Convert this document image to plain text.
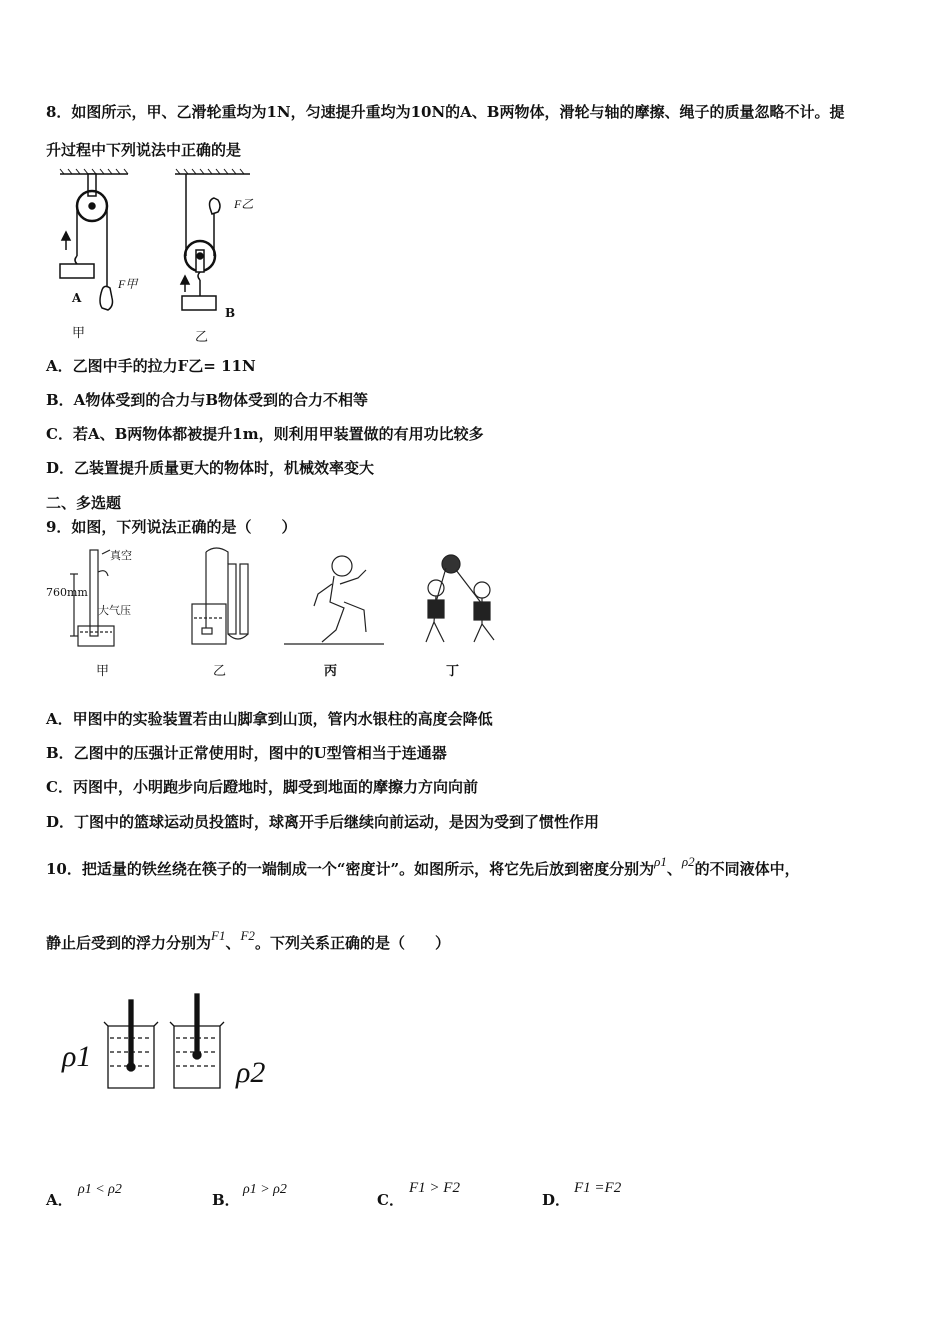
8．如图所示，甲、乙滑轮重均为1N，匀速提升重均为10N的A、B两物体，滑轮与轴的摩擦、绳子的质量忽略不计。提
升过程中下列说法中正确的是
F甲
F乙
A
B
甲	乙
A．乙图中手的拉力F乙= 11N
B．A物体受到的合力与B物体受到的合力不相等
C．若A、B两物体都被提升1m，则利用甲装置做的有用功比较多
D．乙装置提升质量更大的物体时，机械效率变大
二、多选题
9．如图，下列说法正确的是（　　）
真空
760mm
大气压
甲	乙	丙	丁
A．甲图中的实验装置若由山脚拿到山顶，管内水银柱的高度会降低
B．乙图中的压强计正常使用时，图中的U型管相当于连通器
C．丙图中，小明跑步向后蹬地时，脚受到地面的摩擦力方向向前
D．丁图中的篮球运动员投篮时，球离开手后继续向前运动，是因为受到了惯性作用
10．把适量的铁丝绕在筷子的一端制成一个“密度计”。如图所示，将它先后放到密度分别为ρ1、ρ2的不同液体中，
静止后受到的浮力分别为F1、F2。下列关系正确的是（　　）
ρ1	ρ2
A．
ρ1 < ρ2
B．
ρ1 > ρ2
C．
F1 > F2
D．
F1 =F2
